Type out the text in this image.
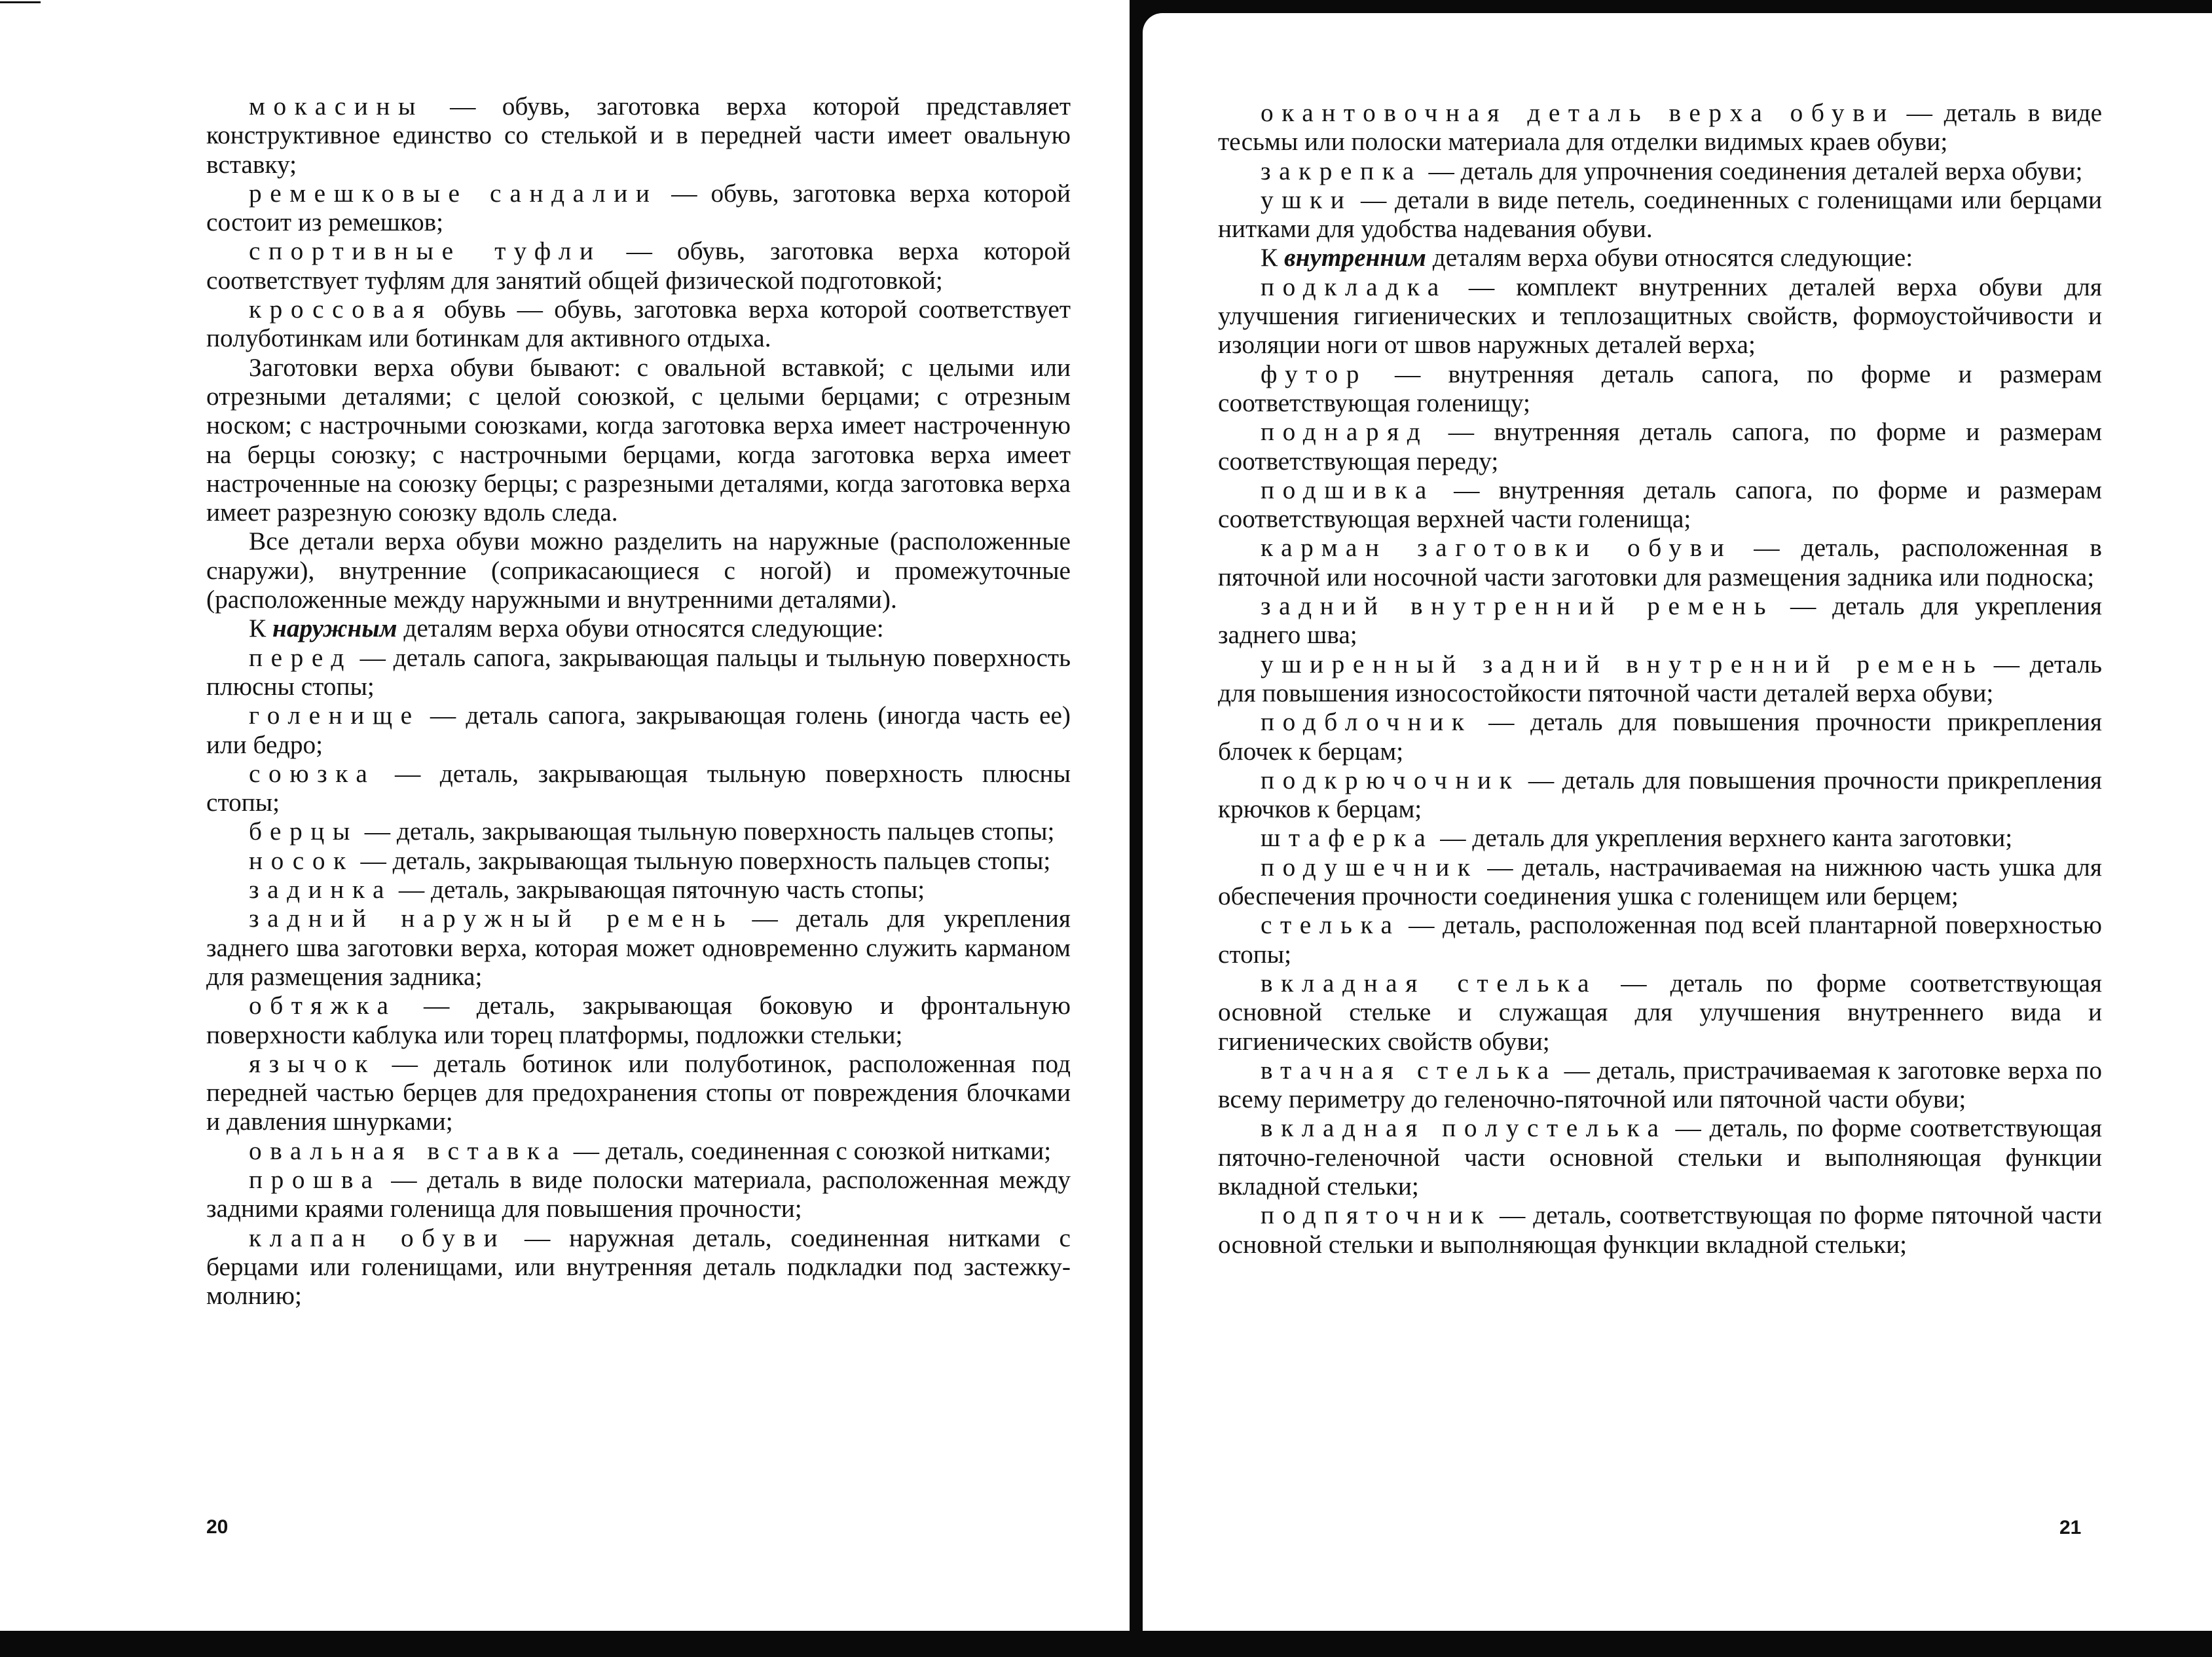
мокасины — обувь, заготовка верха которой представляет конструктивное единство со стелькой и в передней части имеет овальную вставку;

ремешковые сандалии — обувь, заготовка верха которой состоит из ремешков;

спортивные туфли — обувь, заготовка верха которой соответствует туфлям для занятий общей физической подготовкой;

кроссовая обувь — обувь, заготовка верха которой соответствует полуботинкам или ботинкам для активного отдыха.

Заготовки верха обуви бывают: с овальной вставкой; с целыми или отрезными деталями; с целой союзкой, с целыми берцами; с отрезным носком; с настрочными союзками, когда заготовка верха имеет настроченную на берцы союзку; с настрочными берцами, когда заготовка верха имеет настроченные на союзку берцы; с разрезными деталями, когда заготовка верха имеет разрезную союзку вдоль следа.

Все детали верха обуви можно разделить на наружные (расположенные снаружи), внутренние (соприкасающиеся с ногой) и промежуточные (расположенные между наружными и внутренними деталями).

К наружным деталям верха обуви относятся следующие:

перед — деталь сапога, закрывающая пальцы и тыльную поверхность плюсны стопы;

голенище — деталь сапога, закрывающая голень (иногда часть ее) или бедро;

союзка — деталь, закрывающая тыльную поверхность плюсны стопы;

берцы — деталь, закрывающая тыльную поверхность пальцев стопы;

носок — деталь, закрывающая тыльную поверхность пальцев стопы;

задинка — деталь, закрывающая пяточную часть стопы;

задний наружный ремень — деталь для укрепления заднего шва заготовки верха, которая может одновременно служить карманом для размещения задника;

обтяжка — деталь, закрывающая боковую и фронтальную поверхности каблука или торец платформы, подложки стельки;

язычок — деталь ботинок или полуботинок, расположенная под передней частью берцев для предохранения стопы от повреждения блочками и давления шнурками;

овальная вставка — деталь, соединенная с союзкой нитками;

прошва — деталь в виде полоски материала, расположенная между задними краями голенища для повышения прочности;

клапан обуви — наружная деталь, соединенная нитками с берцами или голенищами, или внутренняя деталь подкладки под застежку-молнию;

20

окантовочная деталь верха обуви — деталь в виде тесьмы или полоски материала для отделки видимых краев обуви;

закрепка — деталь для упрочнения соединения деталей верха обуви;

ушки — детали в виде петель, соединенных с голенищами или берцами нитками для удобства надевания обуви.

К внутренним деталям верха обуви относятся следующие:

подкладка — комплект внутренних деталей верха обуви для улучшения гигиенических и теплозащитных свойств, формоустойчивости и изоляции ноги от швов наружных деталей верха;

футор — внутренняя деталь сапога, по форме и размерам соответствующая голенищу;

поднаряд — внутренняя деталь сапога, по форме и размерам соответствующая переду;

подшивка — внутренняя деталь сапога, по форме и размерам соответствующая верхней части голенища;

карман заготовки обуви — деталь, расположенная в пяточной или носочной части заготовки для размещения задника или подноска;

задний внутренний ремень — деталь для укрепления заднего шва;

уширенный задний внутренний ремень — деталь для повышения износостойкости пяточной части деталей верха обуви;

подблочник — деталь для повышения прочности прикрепления блочек к берцам;

подкрючочник — деталь для повышения прочности прикрепления крючков к берцам;

штаферка — деталь для укрепления верхнего канта заготовки;

подушечник — деталь, настрачиваемая на нижнюю часть ушка для обеспечения прочности соединения ушка с голенищем или берцем;

стелька — деталь, расположенная под всей плантарной поверхностью стопы;

вкладная стелька — деталь по форме соответствующая основной стельке и служащая для улучшения внутреннего вида и гигиенических свойств обуви;

втачная стелька — деталь, пристрачиваемая к заготовке верха по всему периметру до геленочно-пяточной или пяточной части обуви;

вкладная полустелька — деталь, по форме соответствующая пяточно-геленочной части основной стельки и выполняющая функции вкладной стельки;

подпяточник — деталь, соответствующая по форме пяточной части основной стельки и выполняющая функции вкладной стельки;

21
